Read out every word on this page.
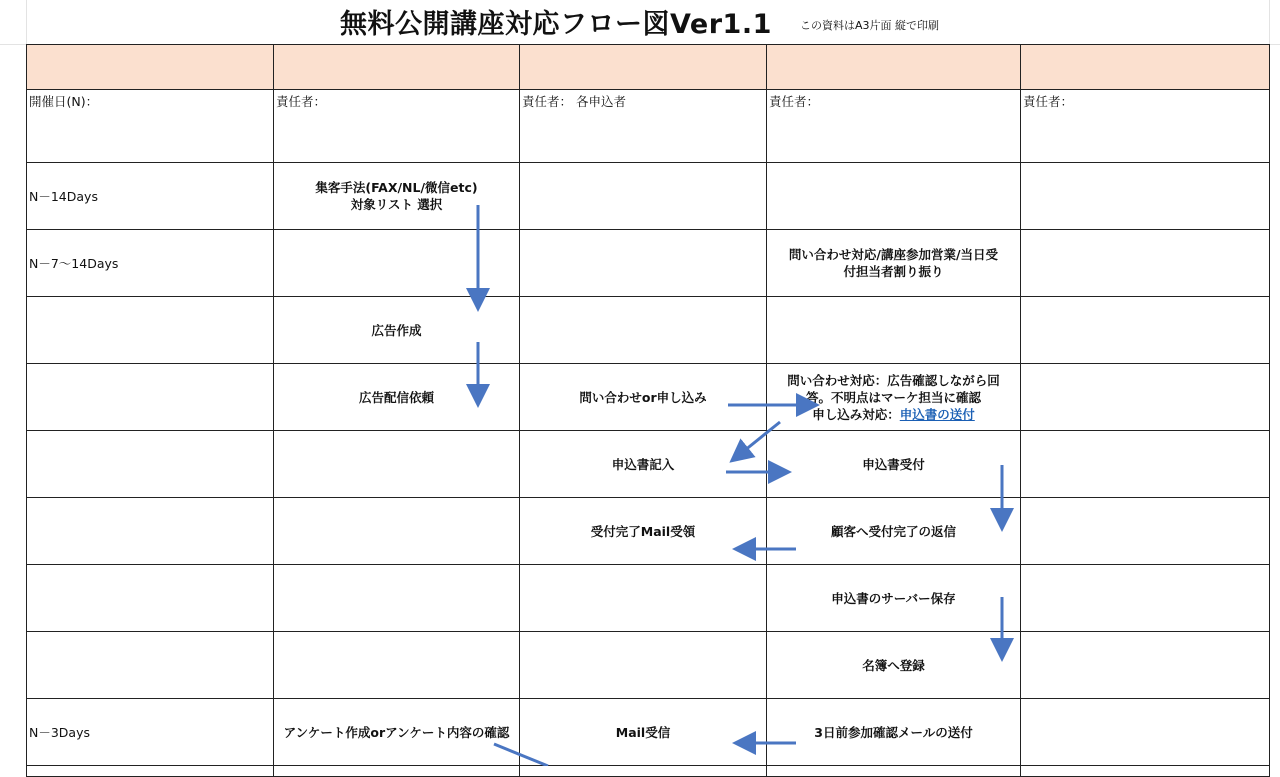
無料公開講座対応フロー図Ver1.1	この資料はA3片面 縦で印刷

開催日(N)：	責任者：	責任者： 各申込者	責任者：	責任者：

N－14Days	集客手法(FAX/NL/微信etc)
対象リスト 選択			

N－7～14Days			問い合わせ対応/講座参加営業/当日受
付担当者割り振り	

	広告作成			

	広告配信依頼	問い合わせor申し込み	問い合わせ対応：広告確認しながら回
答。不明点はマーケ担当に確認
申し込み対応：申込書の送付	

		申込書記入	申込書受付	

		受付完了Mail受領	顧客へ受付完了の返信	

			申込書のサーバー保存	

			名簿へ登録	

N－3Days	アンケート作成orアンケート内容の確認	Mail受信	3日前参加確認メールの送付	
